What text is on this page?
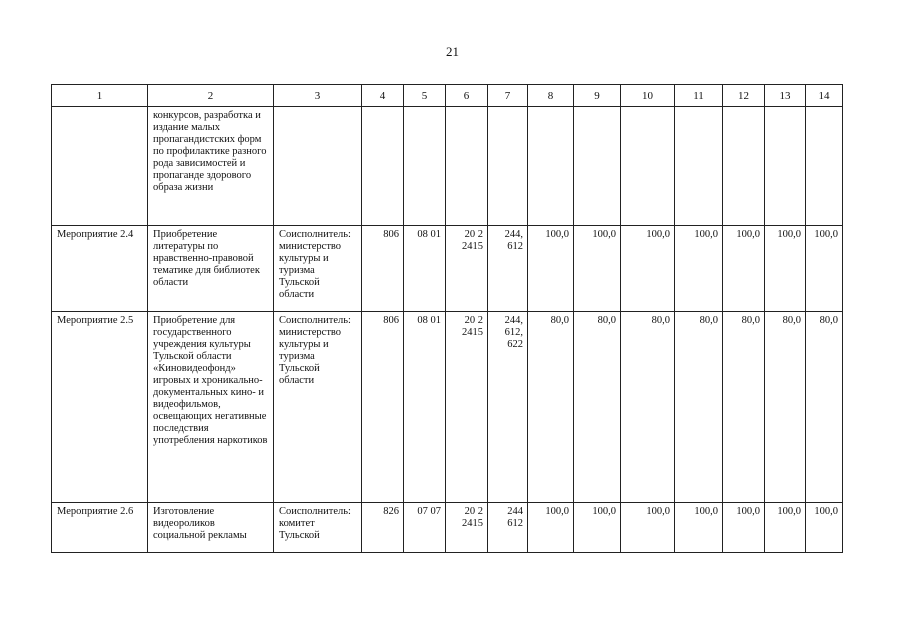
21
1	2	3	4	5	6	7	8	9	10	11	12	13	14
	конкурсов, разработка и издание малых пропагандистских форм по профилактике разного рода зависимостей и пропаганде здорового образа жизни												
Мероприятие 2.4	Приобретение литературы по нравственно-правовой тематике для библиотек области	Соисполнитель: министерство культуры и туризма Тульской области	806	08 01	20 2 2415	244, 612	100,0	100,0	100,0	100,0	100,0	100,0	100,0
Мероприятие 2.5	Приобретение для государственного учреждения культуры Тульской области «Киновидеофонд» игровых и хроникально-документальных кино- и видеофильмов, освещающих негативные последствия употребления наркотиков	Соисполнитель: министерство культуры и туризма Тульской области	806	08 01	20 2 2415	244, 612, 622	80,0	80,0	80,0	80,0	80,0	80,0	80,0
Мероприятие 2.6	Изготовление видеороликов социальной рекламы	Соисполнитель: комитет Тульской	826	07 07	20 2 2415	244 612	100,0	100,0	100,0	100,0	100,0	100,0	100,0
